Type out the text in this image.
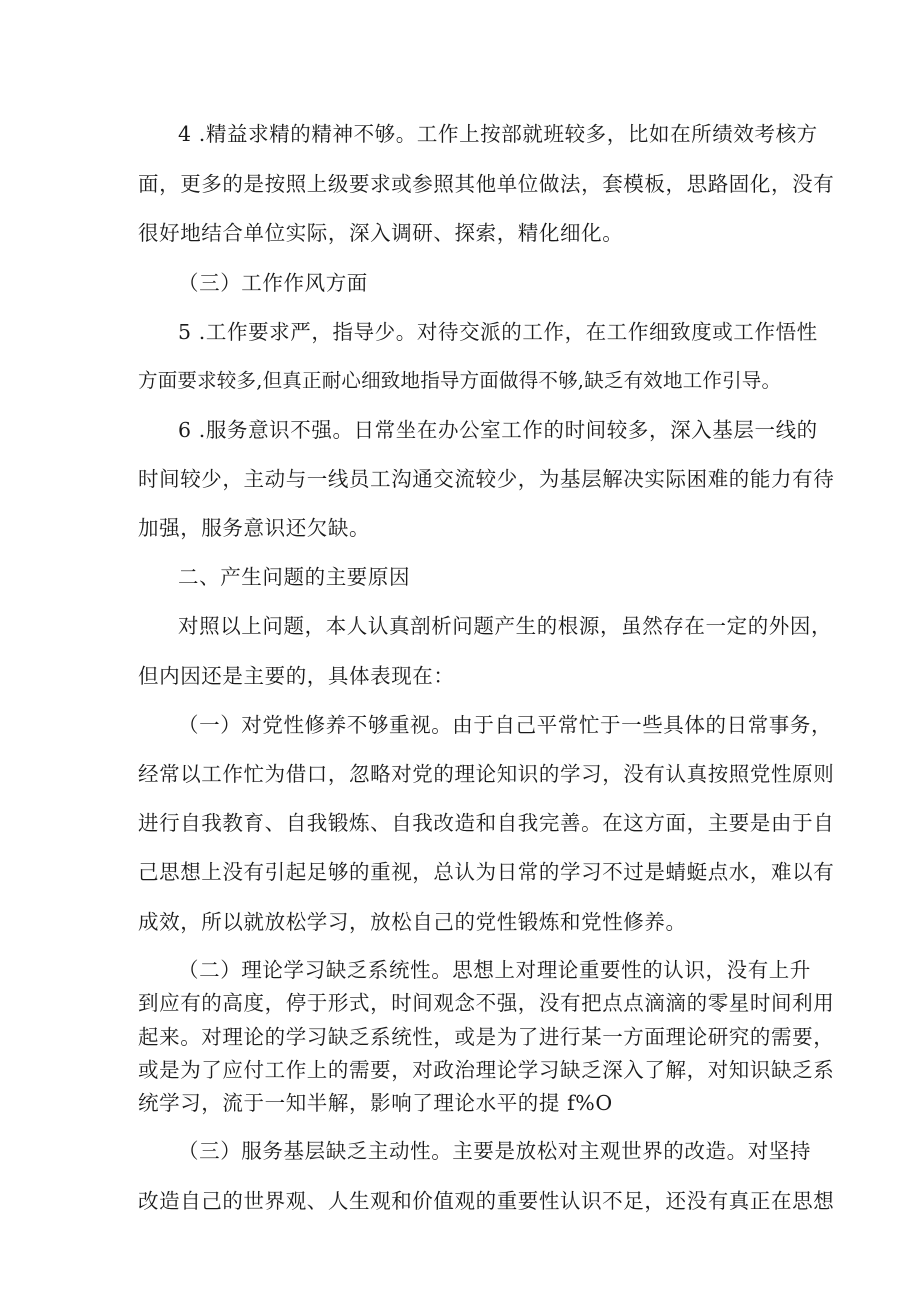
4 .精益求精的精神不够。工作上按部就班较多，比如在所绩效考核方
面，更多的是按照上级要求或参照其他单位做法，套模板，思路固化，没有
很好地结合单位实际，深入调研、探索，精化细化。
（三）工作作风方面
5 .工作要求严，指导少。对待交派的工作，在工作细致度或工作悟性
方面要求较多,但真正耐心细致地指导方面做得不够,缺乏有效地工作引导。
6 .服务意识不强。日常坐在办公室工作的时间较多，深入基层一线的
时间较少，主动与一线员工沟通交流较少，为基层解决实际困难的能力有待
加强，服务意识还欠缺。
二、产生问题的主要原因
对照以上问题，本人认真剖析问题产生的根源，虽然存在一定的外因，
但内因还是主要的，具体表现在：
（一）对党性修养不够重视。由于自己平常忙于一些具体的日常事务，
经常以工作忙为借口，忽略对党的理论知识的学习，没有认真按照党性原则
进行自我教育、自我锻炼、自我改造和自我完善。在这方面，主要是由于自
己思想上没有引起足够的重视，总认为日常的学习不过是蜻蜓点水，难以有
成效，所以就放松学习，放松自己的党性锻炼和党性修养。
（二）理论学习缺乏系统性。思想上对理论重要性的认识，没有上升
到应有的高度，停于形式，时间观念不强，没有把点点滴滴的零星时间利用
起来。对理论的学习缺乏系统性，或是为了进行某一方面理论研究的需要，
或是为了应付工作上的需要，对政治理论学习缺乏深入了解，对知识缺乏系
统学习，流于一知半解，影响了理论水平的提 f%O
（三）服务基层缺乏主动性。主要是放松对主观世界的改造。对坚持
改造自己的世界观、人生观和价值观的重要性认识不足，还没有真正在思想
